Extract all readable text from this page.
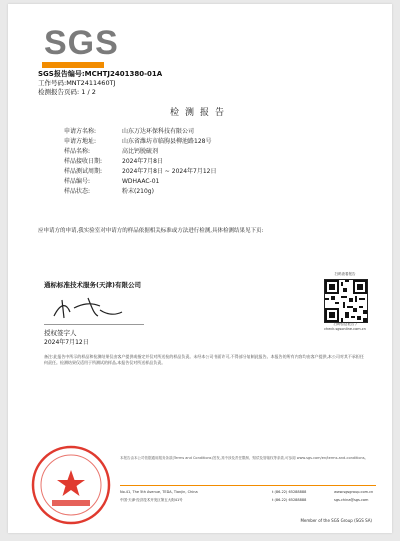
SGS
SGS报告编号:MCHTJ2401380-01A
工作号码:MNT2411460TJ
检测报告页码: 1 / 2
检测报告
申请方名称:	山东万达环保科技有限公司
申请方地址:	山东省潍坊市临朐县柳池路128号
样品名称:	高比钙脱硫剂
样品接收日期:	2024年7月8日
样品测试周期:	2024年7月8日 ~ 2024年7月12日
样品编号:	WDHAAC-01
样品状态:	粉末(210g)
应申请方的申请,我实验室对申请方的样品依据相关标准或方法进行检测,具体检测结果见下页:
通标标准技术服务(天津)有限公司
扫码查看报告
扫码验证报告 / check.sgsonline.com.cn
授权签字人
2024年7月12日
备注:此报告中所示的样品和检测结果仅由客户提供或指定并仅对所送检的样品负责。未经本公司书面许可,不得部分复制此报告。本报告的所有内容均由客户提供,本公司对其不承担任何责任。检测结果仅适用于所测试的样品,本报告仅对所送样品负责。
本报告由本公司依据通用服务条款(Terms and Conditions)签发,其中涉及责任限制、赔偿及管辖权等条款,可参阅 www.sgs.com/en/terms-and-conditions。
No.41, The 5th Avenue, TEDA, Tianjin, China
中国·天津·经济技术开发区第五大街41号
t (86-22) 65288888
t (86-22) 65288888
www.sgsgroup.com.cn
sgs.china@sgs.com
Member of the SGS Group (SGS SA)
